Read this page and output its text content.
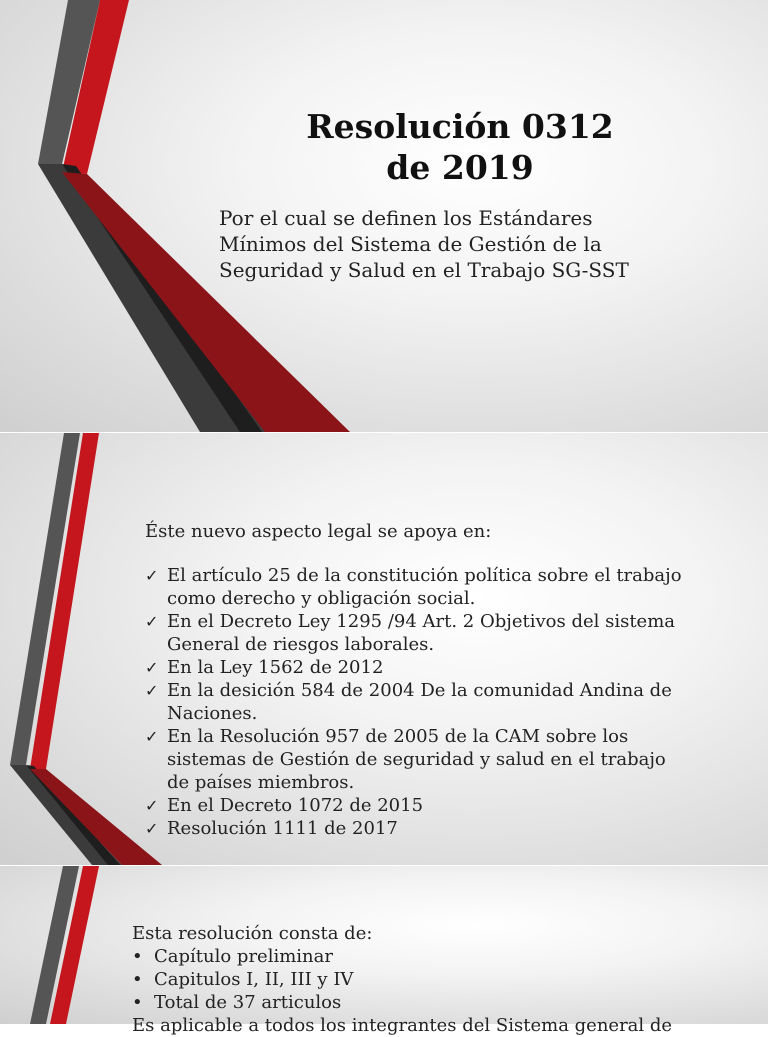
Resolución 0312
de 2019
Por el cual se definen los Estándares
Mínimos del Sistema de Gestión de la
Seguridad y Salud en el Trabajo SG-SST
Éste nuevo aspecto legal se apoya en:
✓ El artículo 25 de la constitución política sobre el trabajo
como derecho y obligación social.
✓ En el Decreto Ley 1295 /94 Art. 2 Objetivos del sistema
General de riesgos laborales.
✓ En la Ley 1562 de 2012
✓ En la desición 584 de 2004 De la comunidad Andina de
Naciones.
✓ En la Resolución 957 de 2005 de la CAM sobre los
sistemas de Gestión de seguridad y salud en el trabajo
de países miembros.
✓ En el Decreto 1072 de 2015
✓ Resolución 1111 de 2017
Esta resolución consta de:
• Capítulo preliminar
• Capitulos I, II, III y IV
• Total de 37 articulos
Es aplicable a todos los integrantes del Sistema general de
